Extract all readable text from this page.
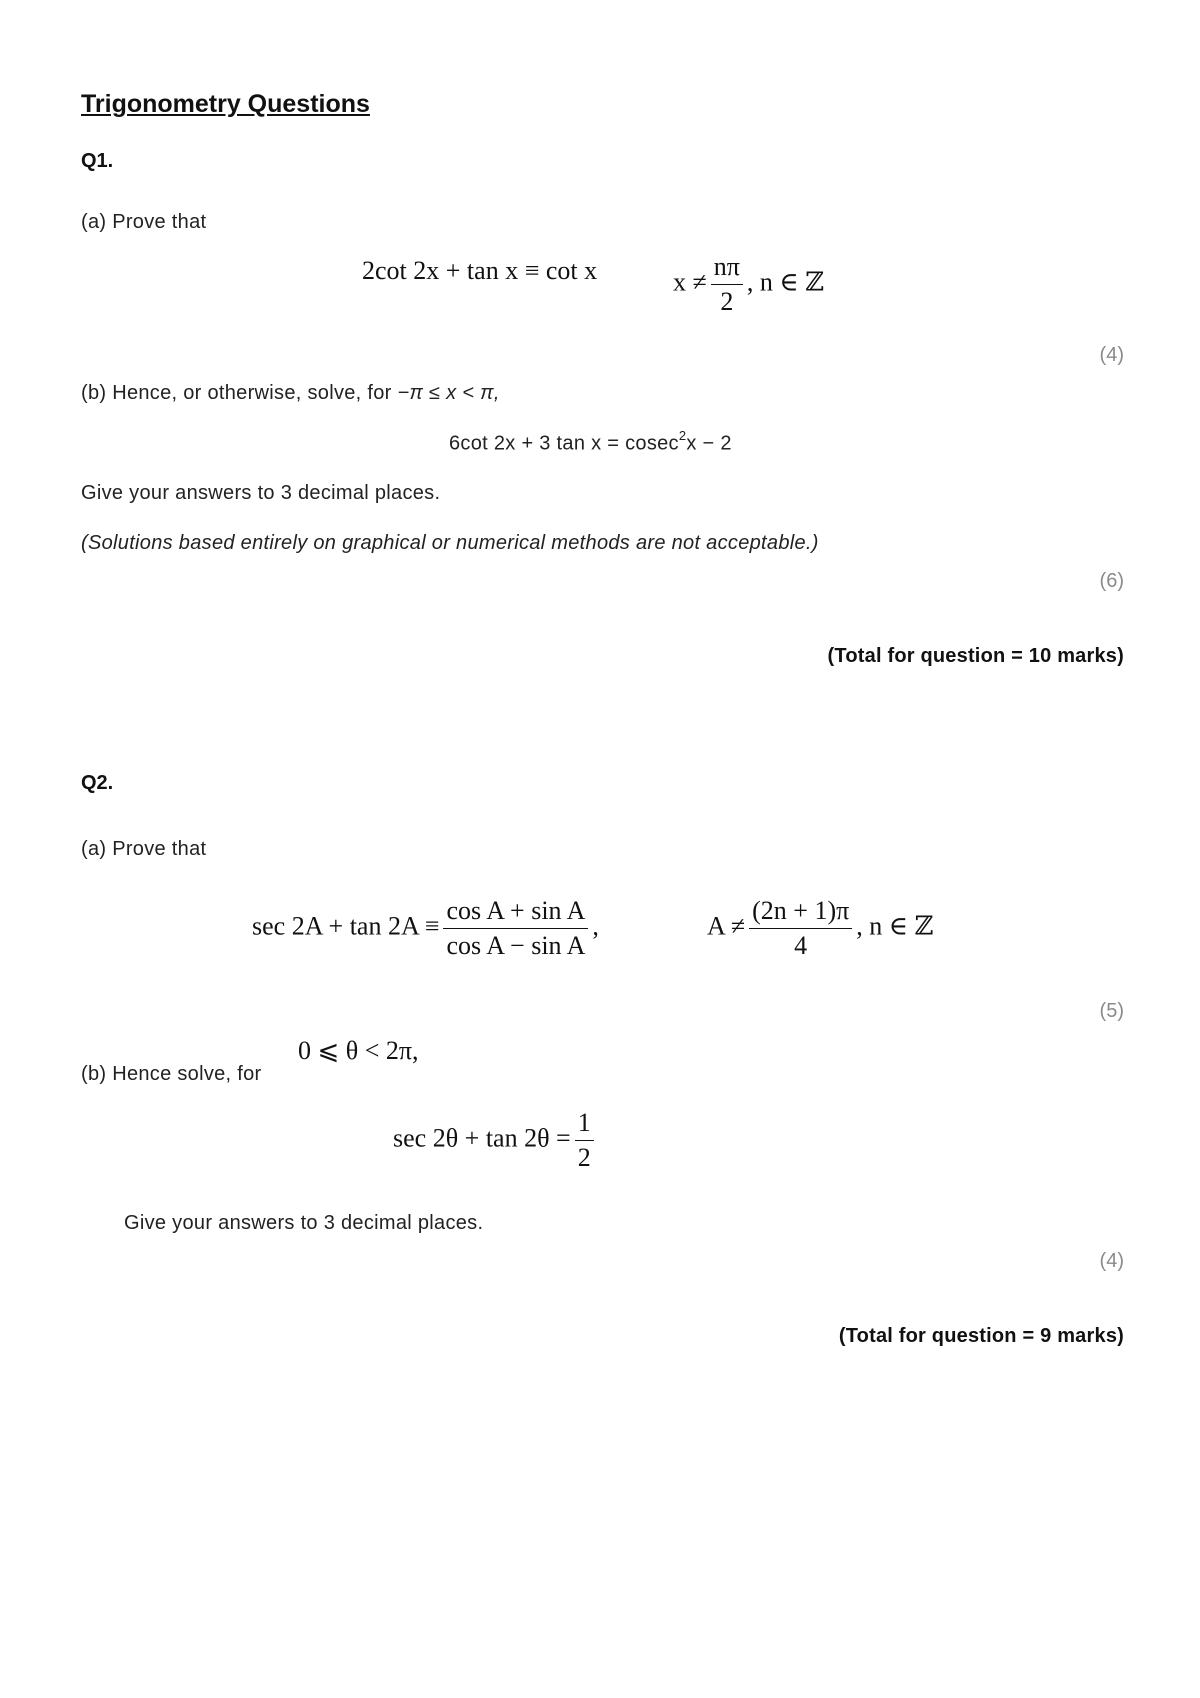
Trigonometry Questions
Q1.
(a) Prove that
2cot 2x + tan x ≡ cot x	$x \ne \frac{n\pi}{2}$ , n ∈ ℤ
(4)
(b) Hence, or otherwise, solve, for −π ≤ x < π,
6cot 2x + 3 tan x = cosec$^2$x − 2
Give your answers to 3 decimal places.
(Solutions based entirely on graphical or numerical methods are not acceptable.)
(6)
(Total for question = 10 marks)
Q2.
(a) Prove that
$\sec 2A + \tan 2A \equiv \frac{\text{cos A + sin A}}{\text{cos A − sin A}}$ ,	$A \ne \frac{(2n + 1)\pi}{4}$ , n ∈ ℤ
(5)
(b) Hence solve, for
0 ⩽ θ < 2π,
$\sec 2\theta + \tan 2\theta = \frac{1}{2}$
Give your answers to 3 decimal places.
(4)
(Total for question = 9 marks)
